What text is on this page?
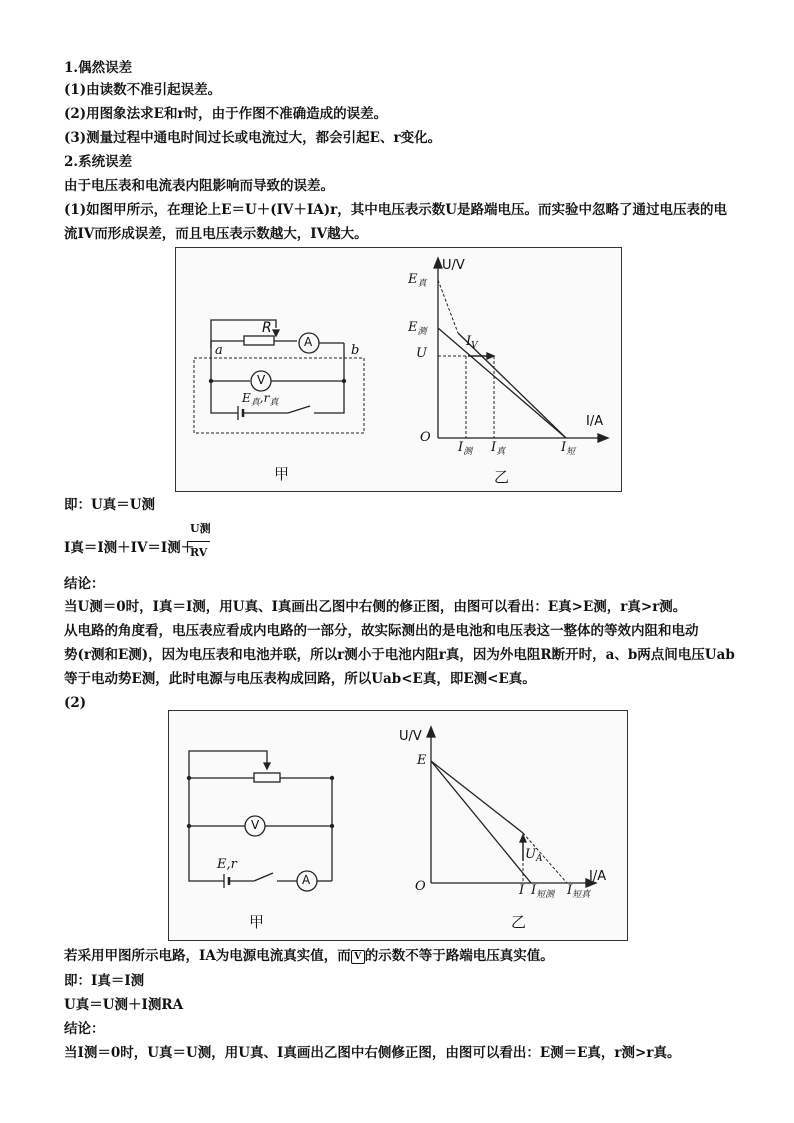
1.偶然误差
(1)由读数不准引起误差。
(2)用图象法求E和r时，由于作图不准确造成的误差。
(3)测量过程中通电时间过长或电流过大，都会引起E、r变化。
2.系统误差
由于电压表和电流表内阻影响而导致的误差。
(1)如图甲所示，在理论上E＝U＋(IV＋IA)r，其中电压表示数U是路端电压。而实验中忽略了通过电压表的电
流IV而形成误差，而且电压表示数越大，IV越大。
R
A
V
a	b
$E_真,r_真$
甲
U/V
I/A
O
$E_真$
$E_测$
U
$I_V$
$I_测$ $I_真$	$I_短$
乙
即：U真＝U测
I真＝I测＋IV＝I测＋
U测
RV
结论：
当U测＝0时，I真＝I测，用U真、I真画出乙图中右侧的修正图，由图可以看出：E真>E测，r真>r测。
从电路的角度看，电压表应看成内电路的一部分，故实际测出的是电池和电压表这一整体的等效内阻和电动
势(r测和E测)，因为电压表和电池并联，所以r测小于电池内阻r真，因为外电阻R断开时，a、b两点间电压Uab
等于电动势E测，此时电源与电压表构成回路，所以Uab<E真，即E测<E真。
(2)
E,r
V
A
甲
U/V
I/A
O
E
$U_A$
I $I_{短测}$ $I_{短真}$
乙
若采用甲图所示电路，IA为电源电流真实值，而 V 的示数不等于路端电压真实值。
即：I真＝I测
U真＝U测＋I测RA
结论：
当I测＝0时，U真＝U测，用U真、I真画出乙图中右侧修正图，由图可以看出：E测＝E真，r测>r真。
